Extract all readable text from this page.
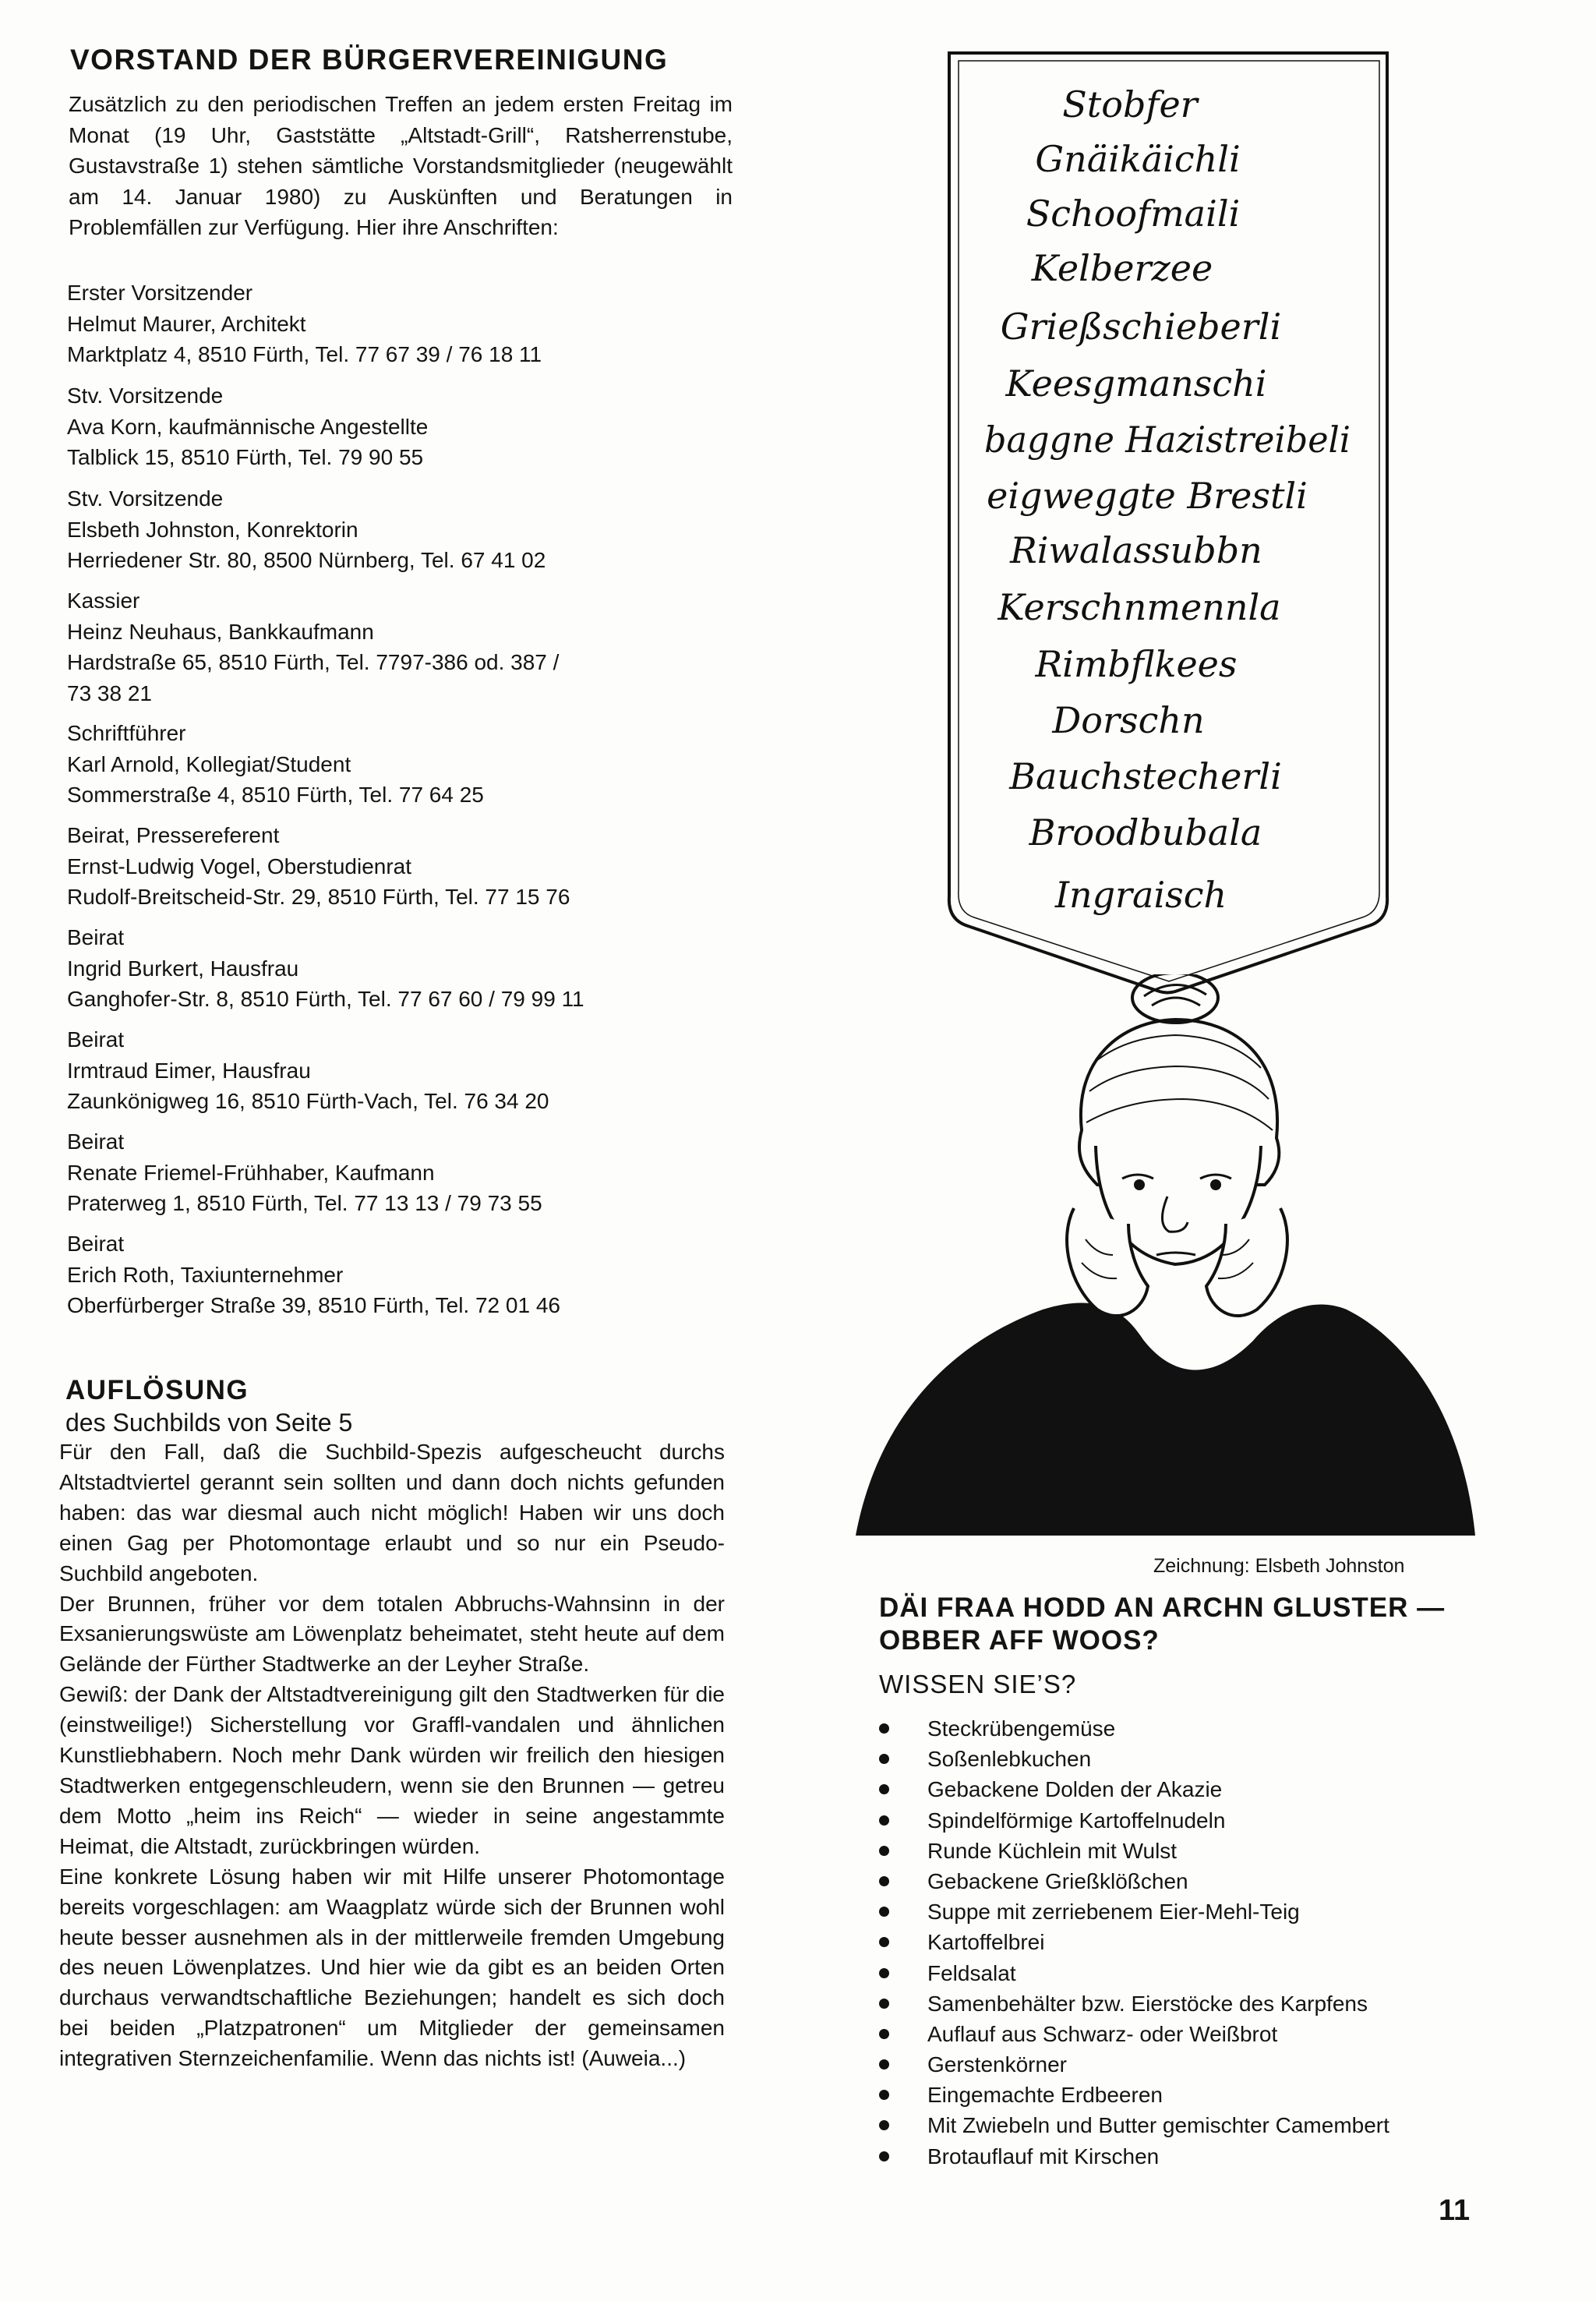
VORSTAND DER BÜRGERVEREINIGUNG
Zusätzlich zu den periodischen Treffen an jedem ersten Freitag im Monat (19 Uhr, Gaststätte „Altstadt-Grill“, Ratsherrenstube, Gustavstraße 1) stehen sämtliche Vorstandsmitglieder (neugewählt am 14. Januar 1980) zu Auskünften und Beratungen in Problemfällen zur Verfügung. Hier ihre Anschriften:
Erster Vorsitzender
Helmut Maurer, Architekt
Marktplatz 4, 8510 Fürth, Tel. 77 67 39 / 76 18 11
Stv. Vorsitzende
Ava Korn, kaufmännische Angestellte
Talblick 15, 8510 Fürth, Tel. 79 90 55
Stv. Vorsitzende
Elsbeth Johnston, Konrektorin
Herriedener Str. 80, 8500 Nürnberg, Tel. 67 41 02
Kassier
Heinz Neuhaus, Bankkaufmann
Hardstraße 65, 8510 Fürth, Tel. 7797-386 od. 387 /
73 38 21
Schriftführer
Karl Arnold, Kollegiat/Student
Sommerstraße 4, 8510 Fürth, Tel. 77 64 25
Beirat, Pressereferent
Ernst-Ludwig Vogel, Oberstudienrat
Rudolf-Breitscheid-Str. 29, 8510 Fürth, Tel. 77 15 76
Beirat
Ingrid Burkert, Hausfrau
Ganghofer-Str. 8, 8510 Fürth, Tel. 77 67 60 / 79 99 11
Beirat
Irmtraud Eimer, Hausfrau
Zaunkönigweg 16, 8510 Fürth-Vach, Tel. 76 34 20
Beirat
Renate Friemel-Frühhaber, Kaufmann
Praterweg 1, 8510 Fürth, Tel. 77 13 13 / 79 73 55
Beirat
Erich Roth, Taxiunternehmer
Oberfürberger Straße 39, 8510 Fürth, Tel. 72 01 46
AUFLÖSUNG
des Suchbilds von Seite 5

Für den Fall, daß die Suchbild-Spezis aufgescheucht durchs Altstadtviertel gerannt sein sollten und dann doch nichts gefunden haben: das war diesmal auch nicht möglich! Haben wir uns doch einen Gag per Photomontage erlaubt und so nur ein Pseudo-Suchbild angeboten.

Der Brunnen, früher vor dem totalen Abbruchs-Wahnsinn in der Exsanierungswüste am Löwenplatz beheimatet, steht heute auf dem Gelände der Fürther Stadtwerke an der Leyher Straße.

Gewiß: der Dank der Altstadtvereinigung gilt den Stadtwerken für die (einstweilige!) Sicherstellung vor Graffl-vandalen und ähnlichen Kunstliebhabern. Noch mehr Dank würden wir freilich den hiesigen Stadtwerken entgegenschleudern, wenn sie den Brunnen — getreu dem Motto „heim ins Reich“ — wieder in seine angestammte Heimat, die Altstadt, zurückbringen würden.

Eine konkrete Lösung haben wir mit Hilfe unserer Photomontage bereits vorgeschlagen: am Waagplatz würde sich der Brunnen wohl heute besser ausnehmen als in der mittlerweile fremden Umgebung des neuen Löwenplatzes. Und hier wie da gibt es an beiden Orten durchaus verwandtschaftliche Beziehungen; handelt es sich doch bei beiden „Platzpatronen“ um Mitglieder der gemeinsamen integrativen Sternzeichenfamilie. Wenn das nichts ist! (Auweia...)

Stobfer
Gnäikäichli
Schoofmaili
Kelberzee
Grießschieberli
Keesgmanschi
baggne Hazistreibeli
eigweggte Brestli
Riwalassubbn
Kerschnmennla
Rimbflkees
Dorschn
Bauchstecherli
Broodbubala
Ingraisch
Zeichnung: Elsbeth Johnston
DÄI FRAA HODD AN ARCHN GLUSTER —
OBBER AFF WOOS?
WISSEN SIE’S?
Steckrübengemüse
Soßenlebkuchen
Gebackene Dolden der Akazie
Spindelförmige Kartoffelnudeln
Runde Küchlein mit Wulst
Gebackene Grießklößchen
Suppe mit zerriebenem Eier-Mehl-Teig
Kartoffelbrei
Feldsalat
Samenbehälter bzw. Eierstöcke des Karpfens
Auflauf aus Schwarz- oder Weißbrot
Gerstenkörner
Eingemachte Erdbeeren
Mit Zwiebeln und Butter gemischter Camembert
Brotauflauf mit Kirschen
11
